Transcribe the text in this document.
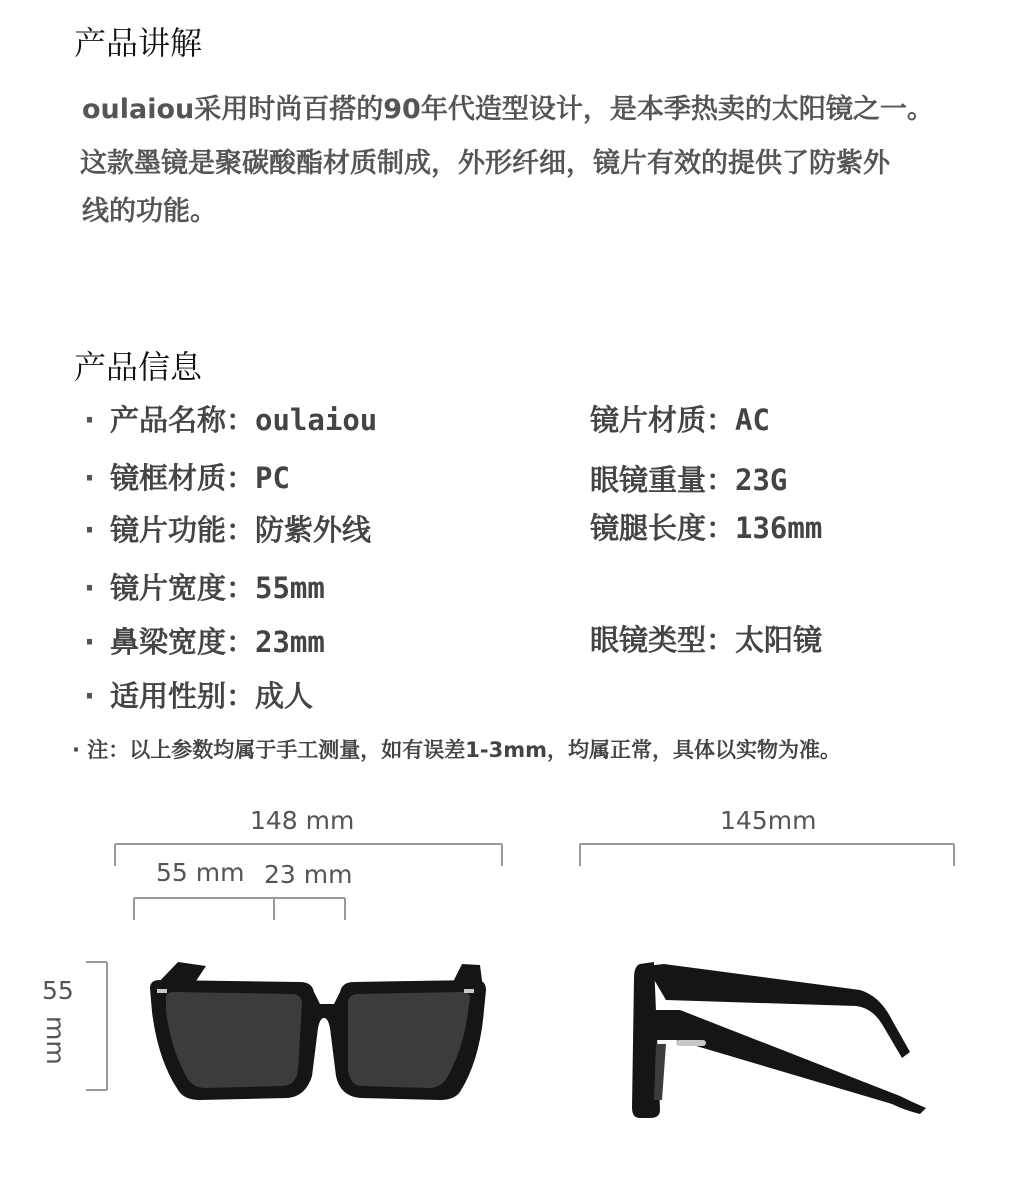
产品讲解
oulaiou采用时尚百搭的90年代造型设计，是本季热卖的太阳镜之一。
这款墨镜是聚碳酸酯材质制成，外形纤细，镜片有效的提供了防紫外
线的功能。
产品信息
· 产品名称：oulaiou
· 镜框材质：PC
· 镜片功能：防紫外线
· 镜片宽度：55mm
· 鼻梁宽度：23mm
· 适用性别：成人
镜片材质：AC
眼镜重量：23G
镜腿长度：136mm
眼镜类型：太阳镜
· 注：以上参数均属于手工测量，如有误差1-3mm，均属正常，具体以实物为准。
148 mm
55 mm 23 mm
145mm
55
mm
